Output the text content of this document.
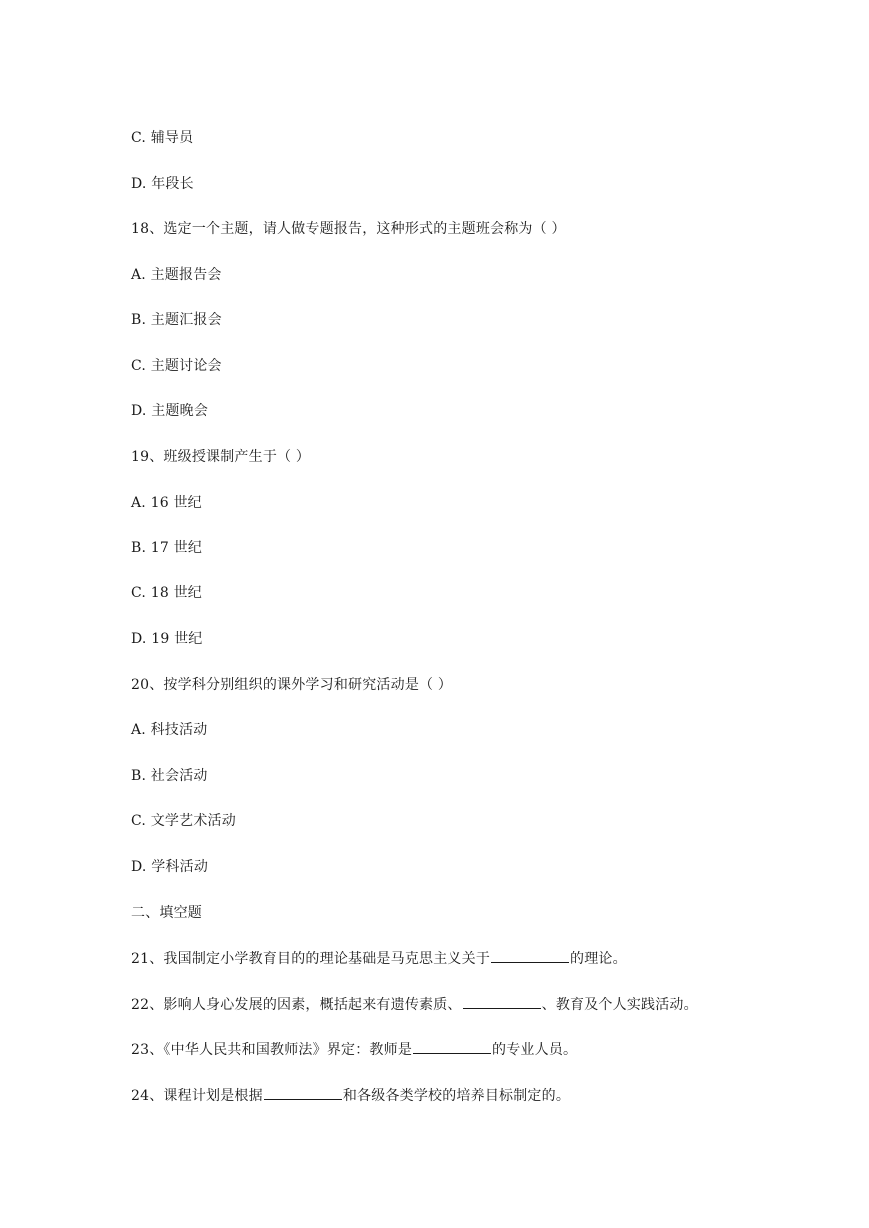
C. 辅导员
D. 年段长
18、选定一个主题，请人做专题报告，这种形式的主题班会称为（ ）
A. 主题报告会
B. 主题汇报会
C. 主题讨论会
D. 主题晚会
19、班级授课制产生于（ ）
A. 16 世纪
B. 17 世纪
C. 18 世纪
D. 19 世纪
20、按学科分别组织的课外学习和研究活动是（ ）
A. 科技活动
B. 社会活动
C. 文学艺术活动
D. 学科活动
二、填空题
21、我国制定小学教育目的的理论基础是马克思主义关于	的理论。
22、影响人身心发展的因素，概括起来有遗传素质、	、教育及个人实践活动。
23、《中华人民共和国教师法》界定：教师是	的专业人员。
24、课程计划是根据	和各级各类学校的培养目标制定的。
